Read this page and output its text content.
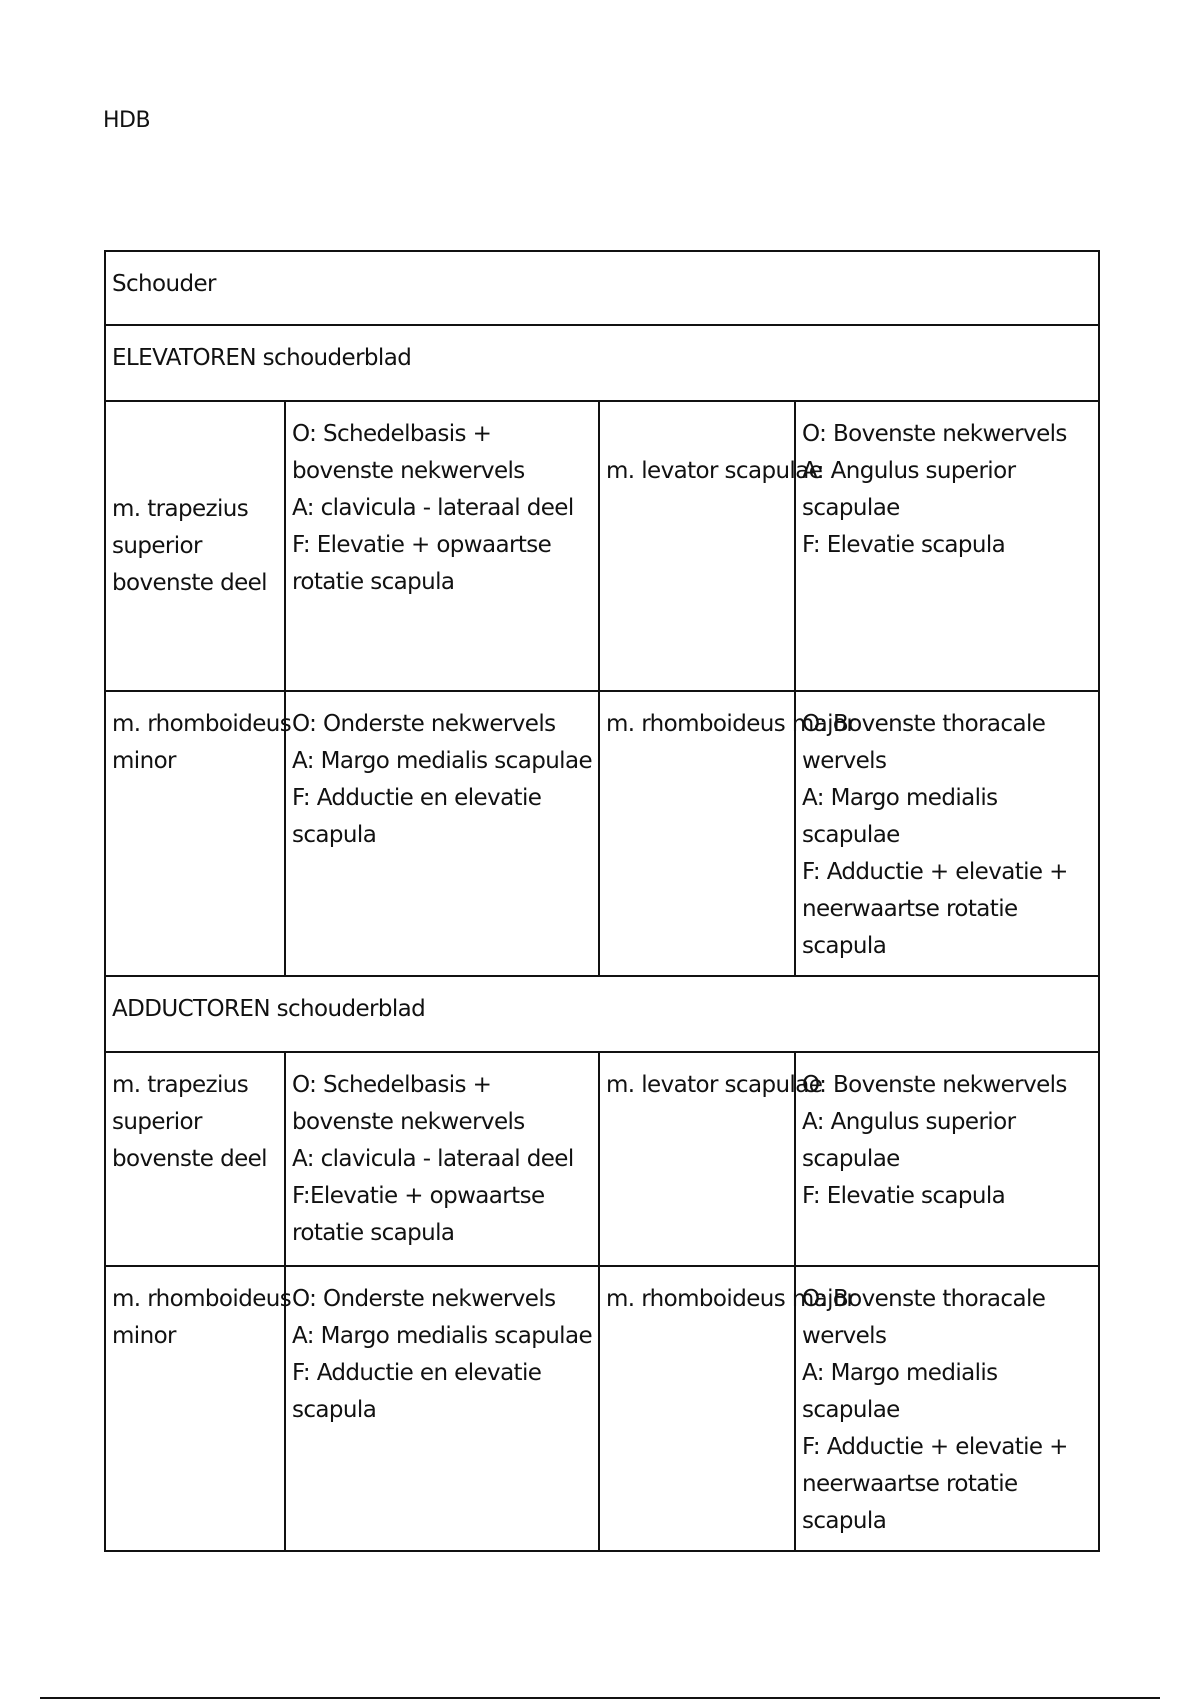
HDB
Schouder			
ELEVATOREN schouderblad			

m. trapezius
superior
bovenste deel	O: Schedelbasis + bovenste nekwervels
A: clavicula - lateraal deel
F: Elevatie + opwaartse rotatie scapula	m. levator scapulae	O: Bovenste nekwervels
A: Angulus superior scapulae
F: Elevatie scapula

m. rhomboideus
minor	O: Onderste nekwervels
A: Margo medialis scapulae
F: Adductie en elevatie scapula	m. rhomboideus major	O: Bovenste thoracale wervels
A: Margo medialis scapulae
F: Adductie + elevatie + neerwaartse rotatie scapula

ADDUCTOREN schouderblad			

m. trapezius
superior
bovenste deel	O: Schedelbasis + bovenste nekwervels
A: clavicula - lateraal deel
F:Elevatie + opwaartse rotatie scapula	m. levator scapulae	O: Bovenste nekwervels
A: Angulus superior scapulae
F: Elevatie scapula

m. rhomboideus
minor	O: Onderste nekwervels
A: Margo medialis scapulae
F: Adductie en elevatie scapula	m. rhomboideus major	O: Bovenste thoracale wervels
A: Margo medialis scapulae
F: Adductie + elevatie + neerwaartse rotatie scapula
